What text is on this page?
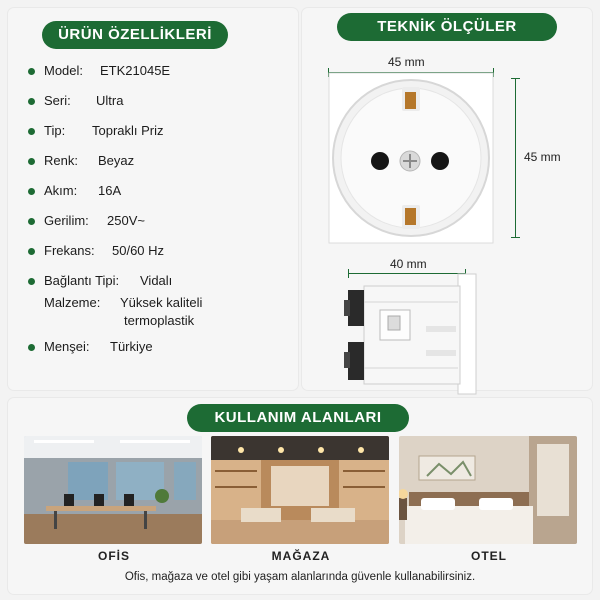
ÜRÜN ÖZELLİKLERİ
Model: ETK21045E
Seri: Ultra
Tip: Topraklı Priz
Renk: Beyaz
Akım: 16A
Gerilim: 250V~
Frekans: 50/60 Hz
Bağlantı Tipi: Vidalı
Malzeme: Yüksek kaliteli
termoplastik
Menşei: Türkiye
TEKNİK ÖLÇÜLER
45 mm
45 mm
40 mm
KULLANIM ALANLARI
OFİS	MAĞAZA	OTEL
Ofis, mağaza ve otel gibi yaşam alanlarında güvenle kullanabilirsiniz.
